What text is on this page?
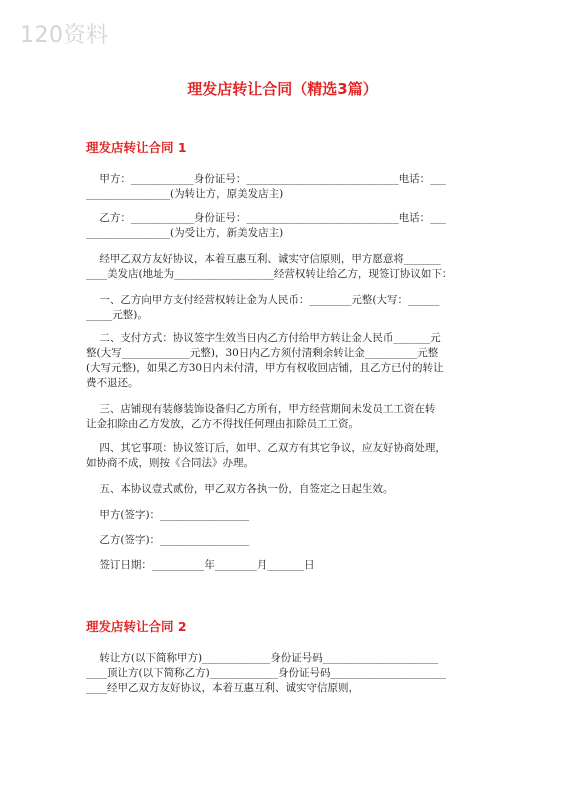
120资料
理发店转让合同（精选3篇）
理发店转让合同 1
甲方：____________身份证号：_____________________________电话：___
________________(为转让方，原美发店主)
乙方：____________身份证号：_____________________________电话：___
________________(为受让方，新美发店主)
经甲乙双方友好协议，本着互惠互利、诚实守信原则，甲方愿意将_______
____美发店(地址为___________________经营权转让给乙方，现签订协议如下：
一、乙方向甲方支付经营权转让金为人民币：________元整(大写：______
_____元整)。
二、支付方式：协议签字生效当日内乙方付给甲方转让金人民币_______元
整(大写_____________元整)，30日内乙方须付清剩余转让金__________元整
(大写元整)，如果乙方30日内未付清，甲方有权收回店铺，且乙方已付的转让
费不退还。
三、店铺现有装修装饰设备归乙方所有，甲方经营期间未发员工工资在转
让金扣除由乙方发放，乙方不得找任何理由扣除员工工资。
四、其它事项：协议签订后，如甲、乙双方有其它争议，应友好协商处理，
如协商不成，则按《合同法》办理。
五、本协议壹式贰份，甲乙双方各执一份，自签定之日起生效。
甲方(签字)：_________________
乙方(签字)：_________________
签订日期：__________年________月_______日
理发店转让合同 2
转让方(以下简称甲方)_____________身份证号码______________________
____顶让方(以下简称乙方)_____________身份证号码______________________
____经甲乙双方友好协议，本着互惠互利、诚实守信原则，
